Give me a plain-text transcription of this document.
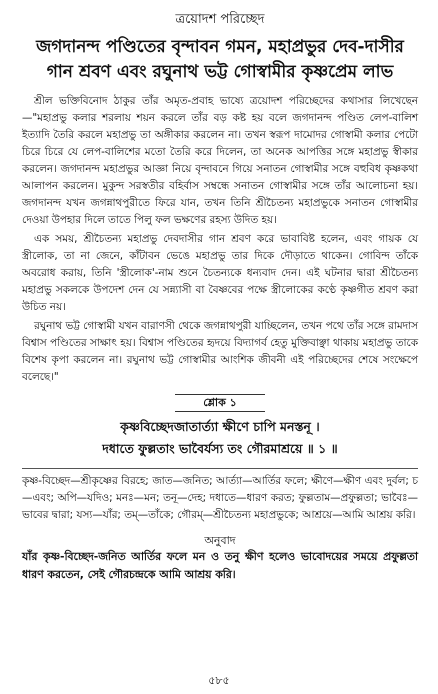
ত্রয়োদশ পরিচ্ছেদ
জগদানন্দ পণ্ডিতের বৃন্দাবন গমন, মহাপ্রভুর দেব-দাসীর
গান শ্রবণ এবং রঘুনাথ ভট্ট গোস্বামীর কৃষ্ণপ্রেম লাভ

শ্রীল ভক্তিবিনোদ ঠাকুর তাঁর অমৃত-প্রবাহ ভাষ্যে ত্রয়োদশ পরিচ্ছেদের কথাসার লিখেছেন—"মহাপ্রভু কলার শরলায় শয়ন করলে তাঁর বড় কষ্ট হয় বলে জগদানন্দ পণ্ডিত লেপ-বালিশ ইত্যাদি তৈরি করলে মহাপ্রভু তা অঙ্গীকার করলেন না। তখন স্বরূপ দামোদর গোস্বামী কলার পেটো চিরে চিরে যে লেপ-বালিশের মতো তৈরি করে দিলেন, তা অনেক আপত্তির সঙ্গে মহাপ্রভু স্বীকার করলেন। জগদানন্দ মহাপ্রভুর আজ্ঞা নিয়ে বৃন্দাবনে গিয়ে সনাতন গোস্বামীর সঙ্গে বহুবিধ কৃষ্ণকথা আলাপন করলেন। মুকুন্দ সরস্বতীর বহির্বাস সম্বন্ধে সনাতন গোস্বামীর সঙ্গে তাঁর আলোচনা হয়। জগদানন্দ যখন জগন্নাথপুরীতে ফিরে যান, তখন তিনি শ্রীচৈতন্য মহাপ্রভুকে সনাতন গোস্বামীর দেওয়া উপহার দিলে তাতে পিলু ফল ভক্ষণের রহস্য উদিত হয়।

এক সময়, শ্রীচৈতন্য মহাপ্রভু দেবদাসীর গান শ্রবণ করে ভাবাবিষ্ট হলেন, এবং গায়ক যে স্ত্রীলোক, তা না জেনে, কাঁটাবন ভেঙে মহাপ্রভু তার দিকে দৌড়াতে থাকেন। গোবিন্দ তাঁকে অবরোধ করায়, তিনি 'স্ত্রীলোক'-নাম শুনে চৈতন্যকে ধন্যবাদ দেন। এই ঘটনার দ্বারা শ্রীচৈতন্য মহাপ্রভু সকলকে উপদেশ দেন যে সন্ন্যাসী বা বৈষ্ণবের পক্ষে স্ত্রীলোকের কণ্ঠে কৃষ্ণগীত শ্রবণ করা উচিত নয়।

রঘুনাথ ভট্ট গোস্বামী যখন বারাণসী থেকে জগন্নাথপুরী যাচ্ছিলেন, তখন পথে তাঁর সঙ্গে রামদাস বিশ্বাস পণ্ডিতের সাক্ষাৎ হয়। বিশ্বাস পণ্ডিতের হৃদয়ে বিদ্যাগর্ব হেতু মুক্তিবাঞ্ছা থাকায় মহাপ্রভু তাকে বিশেষ কৃপা করলেন না। রঘুনাথ ভট্ট গোস্বামীর আংশিক জীবনী এই পরিচ্ছেদের শেষে সংক্ষেপে বলেছে।"

শ্লোক ১
কৃষ্ণবিচ্ছেদজাতার্ত্যা ক্ষীণে চাপি মনস্তনূ ।
দধাতে ফুল্লতাং ভাবৈর্যস্য তং গৌরমাশ্রয়ে ॥ ১ ॥
কৃষ্ণ-বিচ্ছেদ—শ্রীকৃষ্ণের বিরহে; জাত—জনিত; আর্ত্যা—আর্তির ফলে; ক্ষীণে—ক্ষীণ এবং দুর্বল; চ—এবং; অপি—যদিও; মনঃ—মন; তনূ—দেহ; দধাতে—ধারণ করত; ফুল্লতাম—প্রফুল্লতা; ভাবৈঃ—ভাবের দ্বারা; যস্য—যাঁর; তম্—তাঁকে; গৌরম্—শ্রীচৈতন্য মহাপ্রভুকে; আশ্রয়ে—আমি আশ্রয় করি।
অনুবাদ
যাঁর কৃষ্ণ-বিচ্ছেদ-জনিত আর্তির ফলে মন ও তনু ক্ষীণ হলেও ভাবোদয়ের সময়ে প্রফুল্লতা ধারণ করতেন, সেই গৌরচন্দ্রকে আমি আশ্রয় করি।
৫৮৫
